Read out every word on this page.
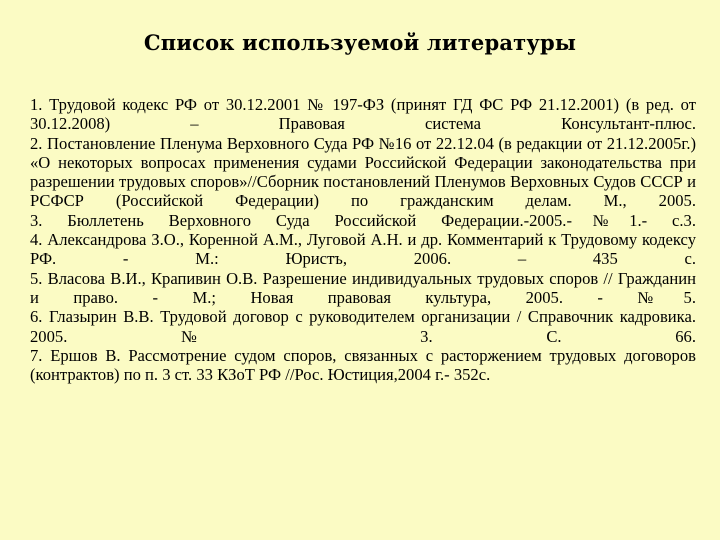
Список используемой литературы

1. Трудовой кодекс РФ от 30.12.2001 № 197-ФЗ (принят ГД ФС РФ 21.12.2001) (в ред. от 30.12.2008) – Правовая система Консультант-плюс.

2. Постановление Пленума Верховного Суда РФ №16 от 22.12.04 (в редакции от 21.12.2005г.) «О некоторых вопросах применения судами Российской Федерации законодательства при разрешении трудовых споров»//Сборник постановлений Пленумов Верховных Судов СССР и РСФСР (Российской Федерации) по гражданским делам. М., 2005.

3. Бюллетень Верховного Суда Российской Федерации.-2005.-№1.- с.3.

4. Александрова З.О., Коренной А.М., Луговой А.Н. и др. Комментарий к Трудовому кодексу РФ. - М.: Юристъ, 2006. – 435 с.

5. Власова В.И., Крапивин О.В. Разрешение индивидуальных трудовых споров // Гражданин и право. - М.; Новая правовая культура, 2005. - №5.

6. Глазырин В.В. Трудовой договор с руководителем организации / Справочник кадровика. 2005. № 3. С. 66.

7. Ершов В. Рассмотрение судом споров, связанных с расторжением трудовых договоров (контрактов) по п. 3 ст. 33 КЗоТ РФ //Рос. Юстиция,2004 г.- 352с.
